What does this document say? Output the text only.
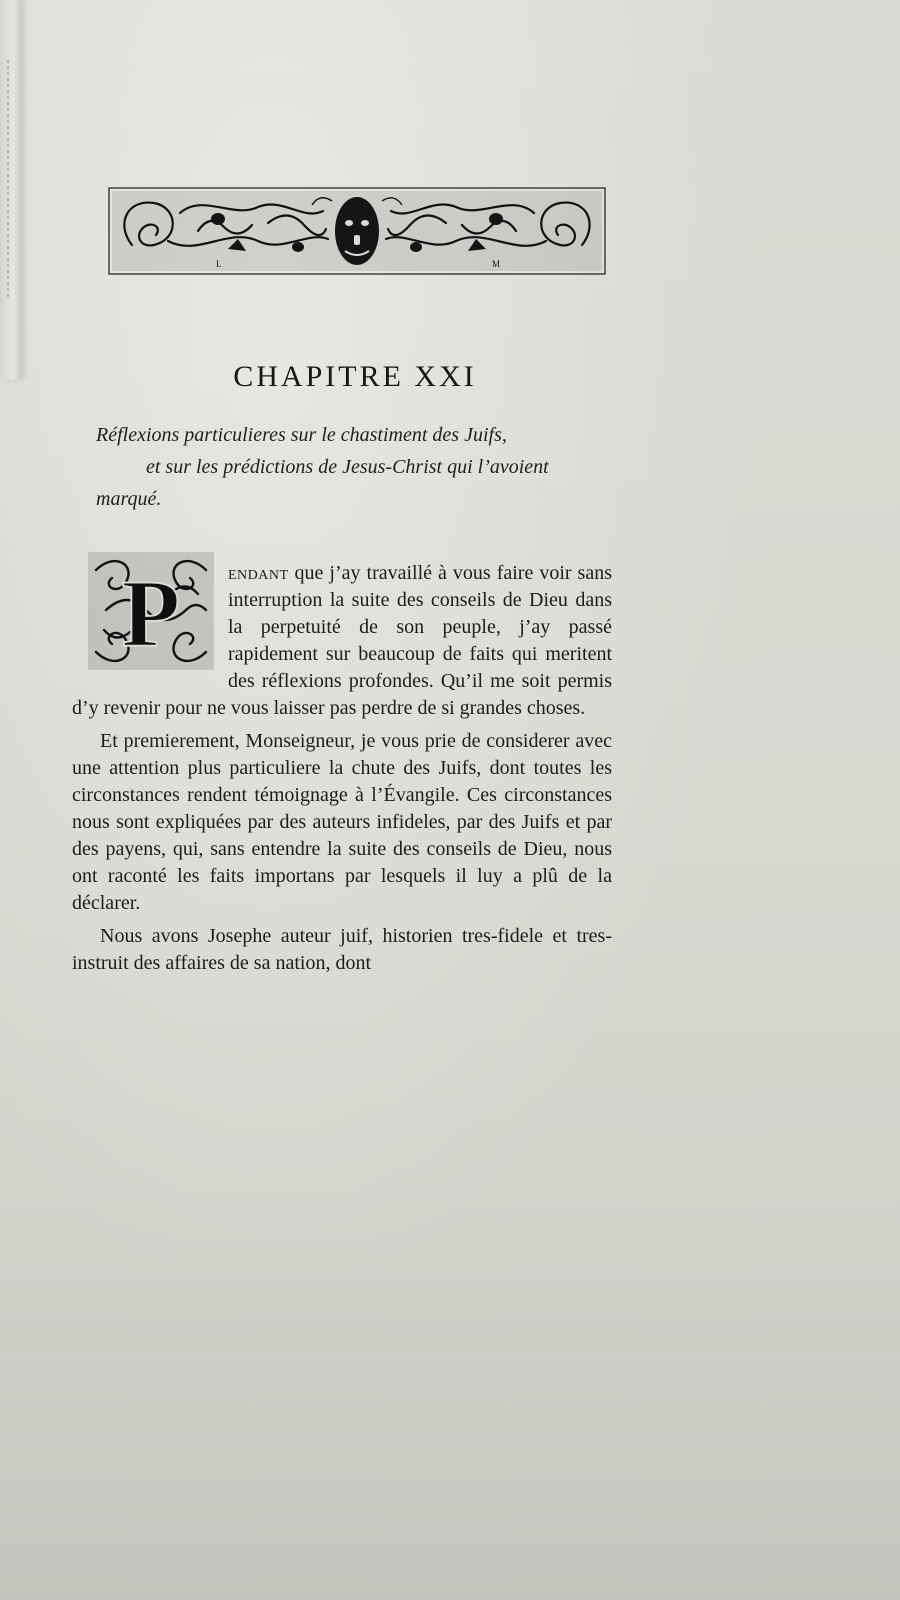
L	M
CHAPITRE XXI
Réflexions particulieres sur le chastiment des Juifs,
et sur les prédictions de Jesus-Christ qui l’avoient
marqué.

P endant que j’ay travaillé à vous faire voir sans interruption la suite des conseils de Dieu dans la perpetuité de son peuple, j’ay passé rapidement sur beaucoup de faits qui meritent des réflexions profondes. Qu’il me soit permis d’y revenir pour ne vous laisser pas perdre de si grandes choses.

Et premierement, Monseigneur, je vous prie de considerer avec une attention plus particuliere la chute des Juifs, dont toutes les circonstances rendent témoignage à l’Évangile. Ces circonstances nous sont expliquées par des auteurs infideles, par des Juifs et par des payens, qui, sans entendre la suite des conseils de Dieu, nous ont raconté les faits importans par lesquels il luy a plû de la déclarer.

Nous avons Josephe auteur juif, historien tres-fidele et tres-instruit des affaires de sa nation, dont
